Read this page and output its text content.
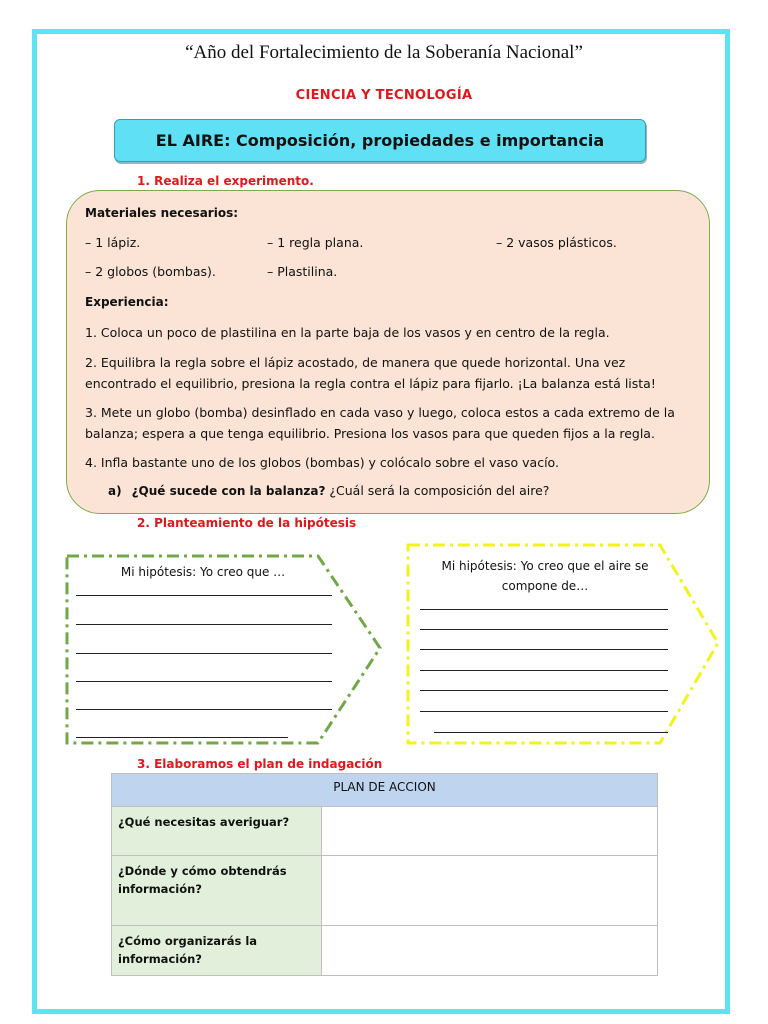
“Año del Fortalecimiento de la Soberanía Nacional”
CIENCIA Y TECNOLOGÍA
EL AIRE: Composición, propiedades e importancia
1. Realiza el experimento.
Materiales necesarios:
– 1 lápiz.	– 1 regla plana.	– 2 vasos plásticos.
– 2 globos (bombas).	– Plastilina.
Experiencia:
1. Coloca un poco de plastilina en la parte baja de los vasos y en centro de la regla.
2. Equilibra la regla sobre el lápiz acostado, de manera que quede horizontal. Una vez encontrado el equilibrio, presiona la regla contra el lápiz para fijarlo. ¡La balanza está lista!
3. Mete un globo (bomba) desinflado en cada vaso y luego, coloca estos a cada extremo de la balanza; espera a que tenga equilibrio. Presiona los vasos para que queden fijos a la regla.
4. Infla bastante uno de los globos (bombas) y colócalo sobre el vaso vacío.
a) ¿Qué sucede con la balanza? ¿Cuál será la composición del aire?
2. Planteamiento de la hipótesis
Mi hipótesis: Yo creo que …	Mi hipótesis: Yo creo que el aire se
compone de…
3. Elaboramos el plan de indagación
PLAN DE ACCION	

¿Qué necesitas averiguar?	

¿Dónde y cómo obtendrás
información?	

¿Cómo organizarás la
información?	
